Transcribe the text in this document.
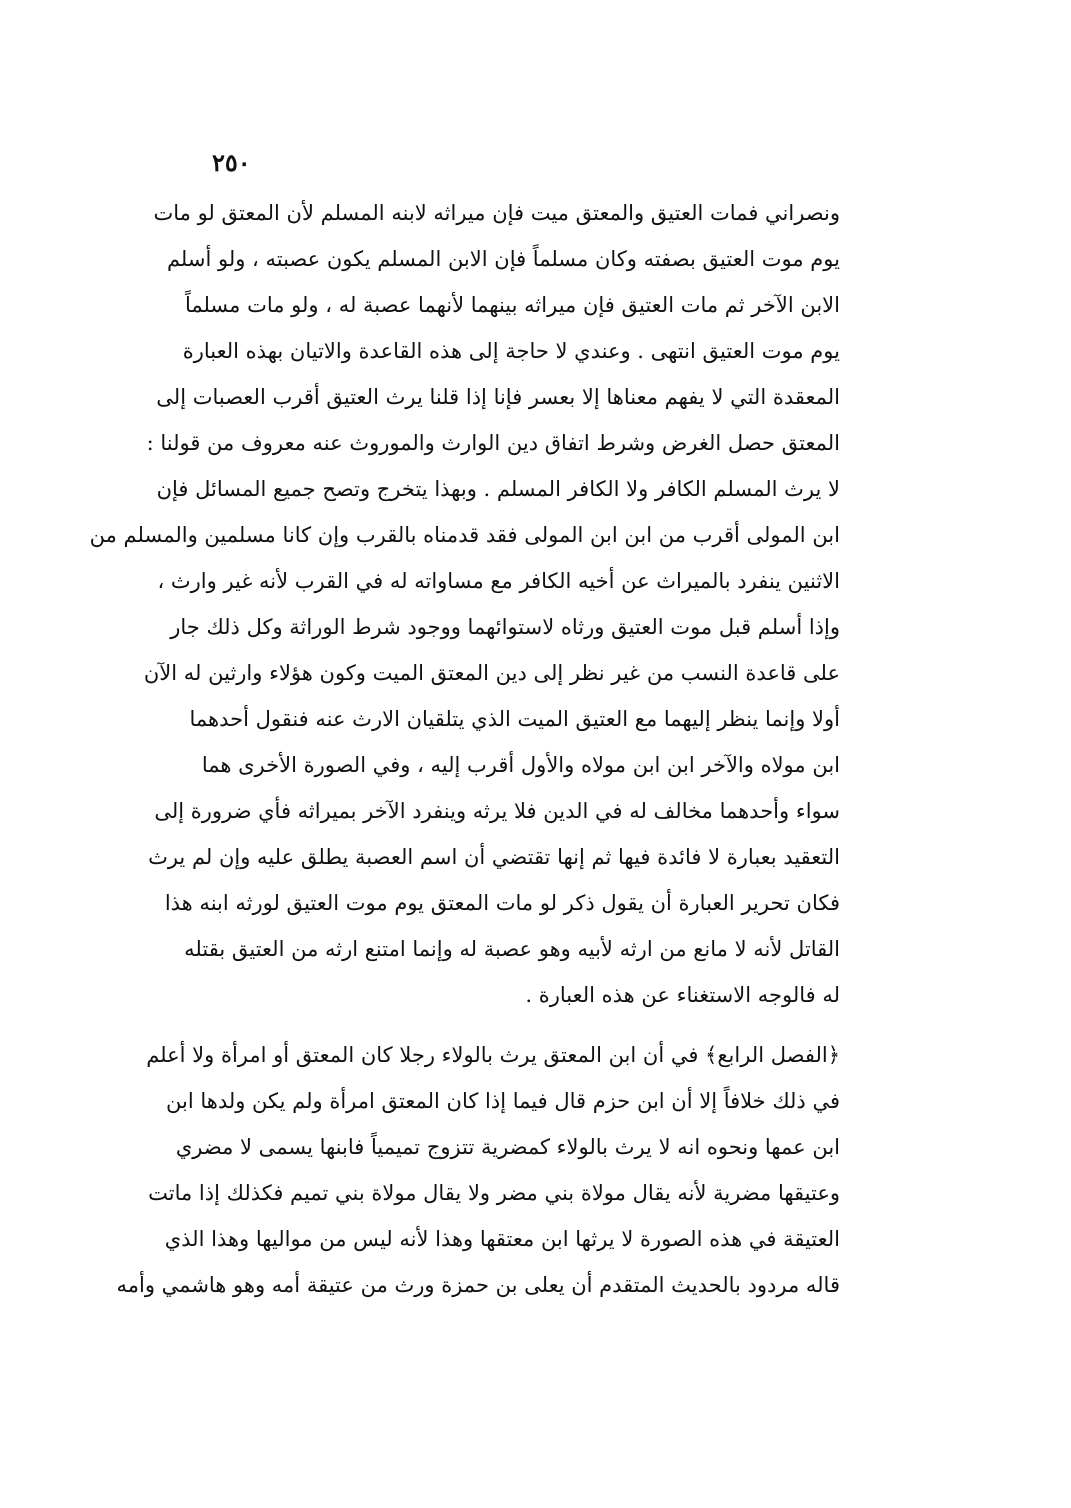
٢٥٠
ونصراني فمات العتيق والمعتق ميت فإن ميراثه لابنه المسلم لأن المعتق لو مات
يوم موت العتيق بصفته وكان مسلماً فإن الابن المسلم يكون عصبته ، ولو أسلم
الابن الآخر ثم مات العتيق فإن ميراثه بينهما لأنهما عصبة له ، ولو مات مسلماً
يوم موت العتيق انتهى . وعندي لا حاجة إلى هذه القاعدة والاتيان بهذه العبارة
المعقدة التي لا يفهم معناها إلا بعسر فإنا إذا قلنا يرث العتيق أقرب العصبات إلى
المعتق حصل الغرض وشرط اتفاق دين الوارث والموروث عنه معروف من قولنا :
لا يرث المسلم الكافر ولا الكافر المسلم . وبهذا يتخرج وتصح جميع المسائل فإن
ابن المولى أقرب من ابن ابن المولى فقد قدمناه بالقرب وإن كانا مسلمين والمسلم من
الاثنين ينفرد بالميراث عن أخيه الكافر مع مساواته له في القرب لأنه غير وارث ،
وإذا أسلم قبل موت العتيق ورثاه لاستوائهما ووجود شرط الوراثة وكل ذلك جار
على قاعدة النسب من غير نظر إلى دين المعتق الميت وكون هؤلاء وارثين له الآن
أولا وإنما ينظر إليهما مع العتيق الميت الذي يتلقيان الارث عنه فنقول أحدهما
ابن مولاه والآخر ابن ابن مولاه والأول أقرب إليه ، وفي الصورة الأخرى هما
سواء وأحدهما مخالف له في الدين فلا يرثه وينفرد الآخر بميراثه فأي ضرورة إلى
التعقيد بعبارة لا فائدة فيها ثم إنها تقتضي أن اسم العصبة يطلق عليه وإن لم يرث
فكان تحرير العبارة أن يقول ذكر لو مات المعتق يوم موت العتيق لورثه ابنه هذا
القاتل لأنه لا مانع من ارثه لأبيه وهو عصبة له وإنما امتنع ارثه من العتيق بقتله
له فالوجه الاستغناء عن هذه العبارة .
﴿الفصل الرابع﴾ في أن ابن المعتق يرث بالولاء رجلا كان المعتق أو امرأة ولا أعلم
في ذلك خلافاً إلا أن ابن حزم قال فيما إذا كان المعتق امرأة ولم يكن ولدها ابن
ابن عمها ونحوه انه لا يرث بالولاء كمضرية تتزوج تميمياً فابنها يسمى لا مضري
وعتيقها مضرية لأنه يقال مولاة بني مضر ولا يقال مولاة بني تميم فكذلك إذا ماتت
العتيقة في هذه الصورة لا يرثها ابن معتقها وهذا لأنه ليس من مواليها وهذا الذي
قاله مردود بالحديث المتقدم أن يعلى بن حمزة ورث من عتيقة أمه وهو هاشمي وأمه
